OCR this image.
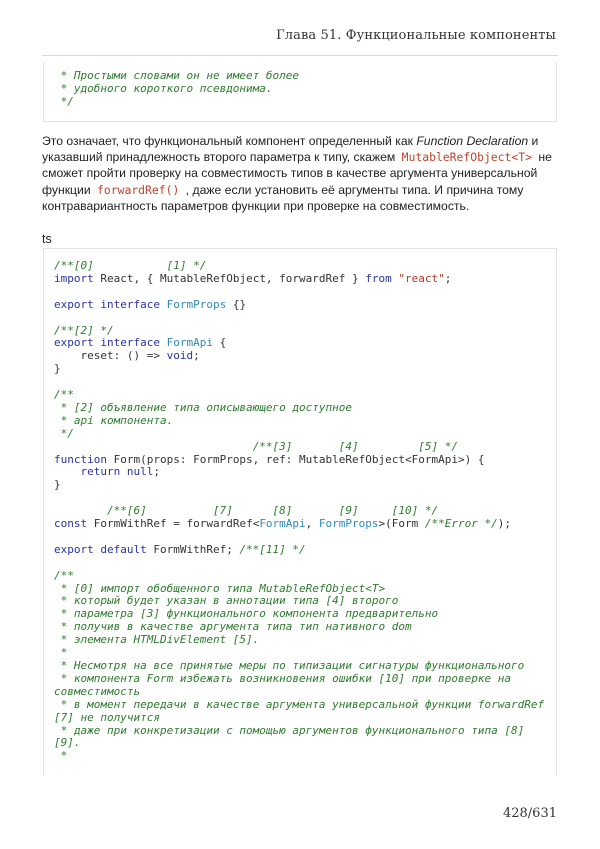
Глава 51. Функциональные компоненты
* Простыми словами он не имеет более
* удобного короткого псевдонима.
*/
Это означает, что функциональный компонент определенный как Function Declaration и указавший принадлежность второго параметра к типу, скажем MutableRefObject<T> не сможет пройти проверку на совместимость типов в качестве аргумента универсальной функции forwardRef() , даже если установить её аргументы типа. И причина тому контравариантность параметров функции при проверке на совместимость.
ts
/**[0]           [1] */
import React, { MutableRefObject, forwardRef } from "react";
export interface FormProps {}
/**[2] */
export interface FormApi {
reset: () => void;
}
/**
* [2] объявление типа описывающего доступное
* api компонента.
*/
/**[3]       [4]         [5] */
function Form(props: FormProps, ref: MutableRefObject<FormApi>) {
return null;
}
/**[6]          [7]      [8]       [9]     [10] */
const FormWithRef = forwardRef<FormApi, FormProps>(Form /**Error */);
export default FormWithRef; /**[11] */
/**
* [0] импорт обобщенного типа MutableRefObject<T>
* который будет указан в аннотации типа [4] второго
* параметра [3] функционального компонента предварительно
* получив в качестве аргумента типа тип нативного dom
* элемента HTMLDivElement [5].
*
* Несмотря на все принятые меры по типизации сигнатуры функционального
* компонента Form избежать возникновения ошибки [10] при проверке на совместимость
* в момент передачи в качестве аргумента универсальной функции forwardRef [7] не получится
* даже при конкретизации с помощью аргументов функционального типа [8] [9].
*
428/631
